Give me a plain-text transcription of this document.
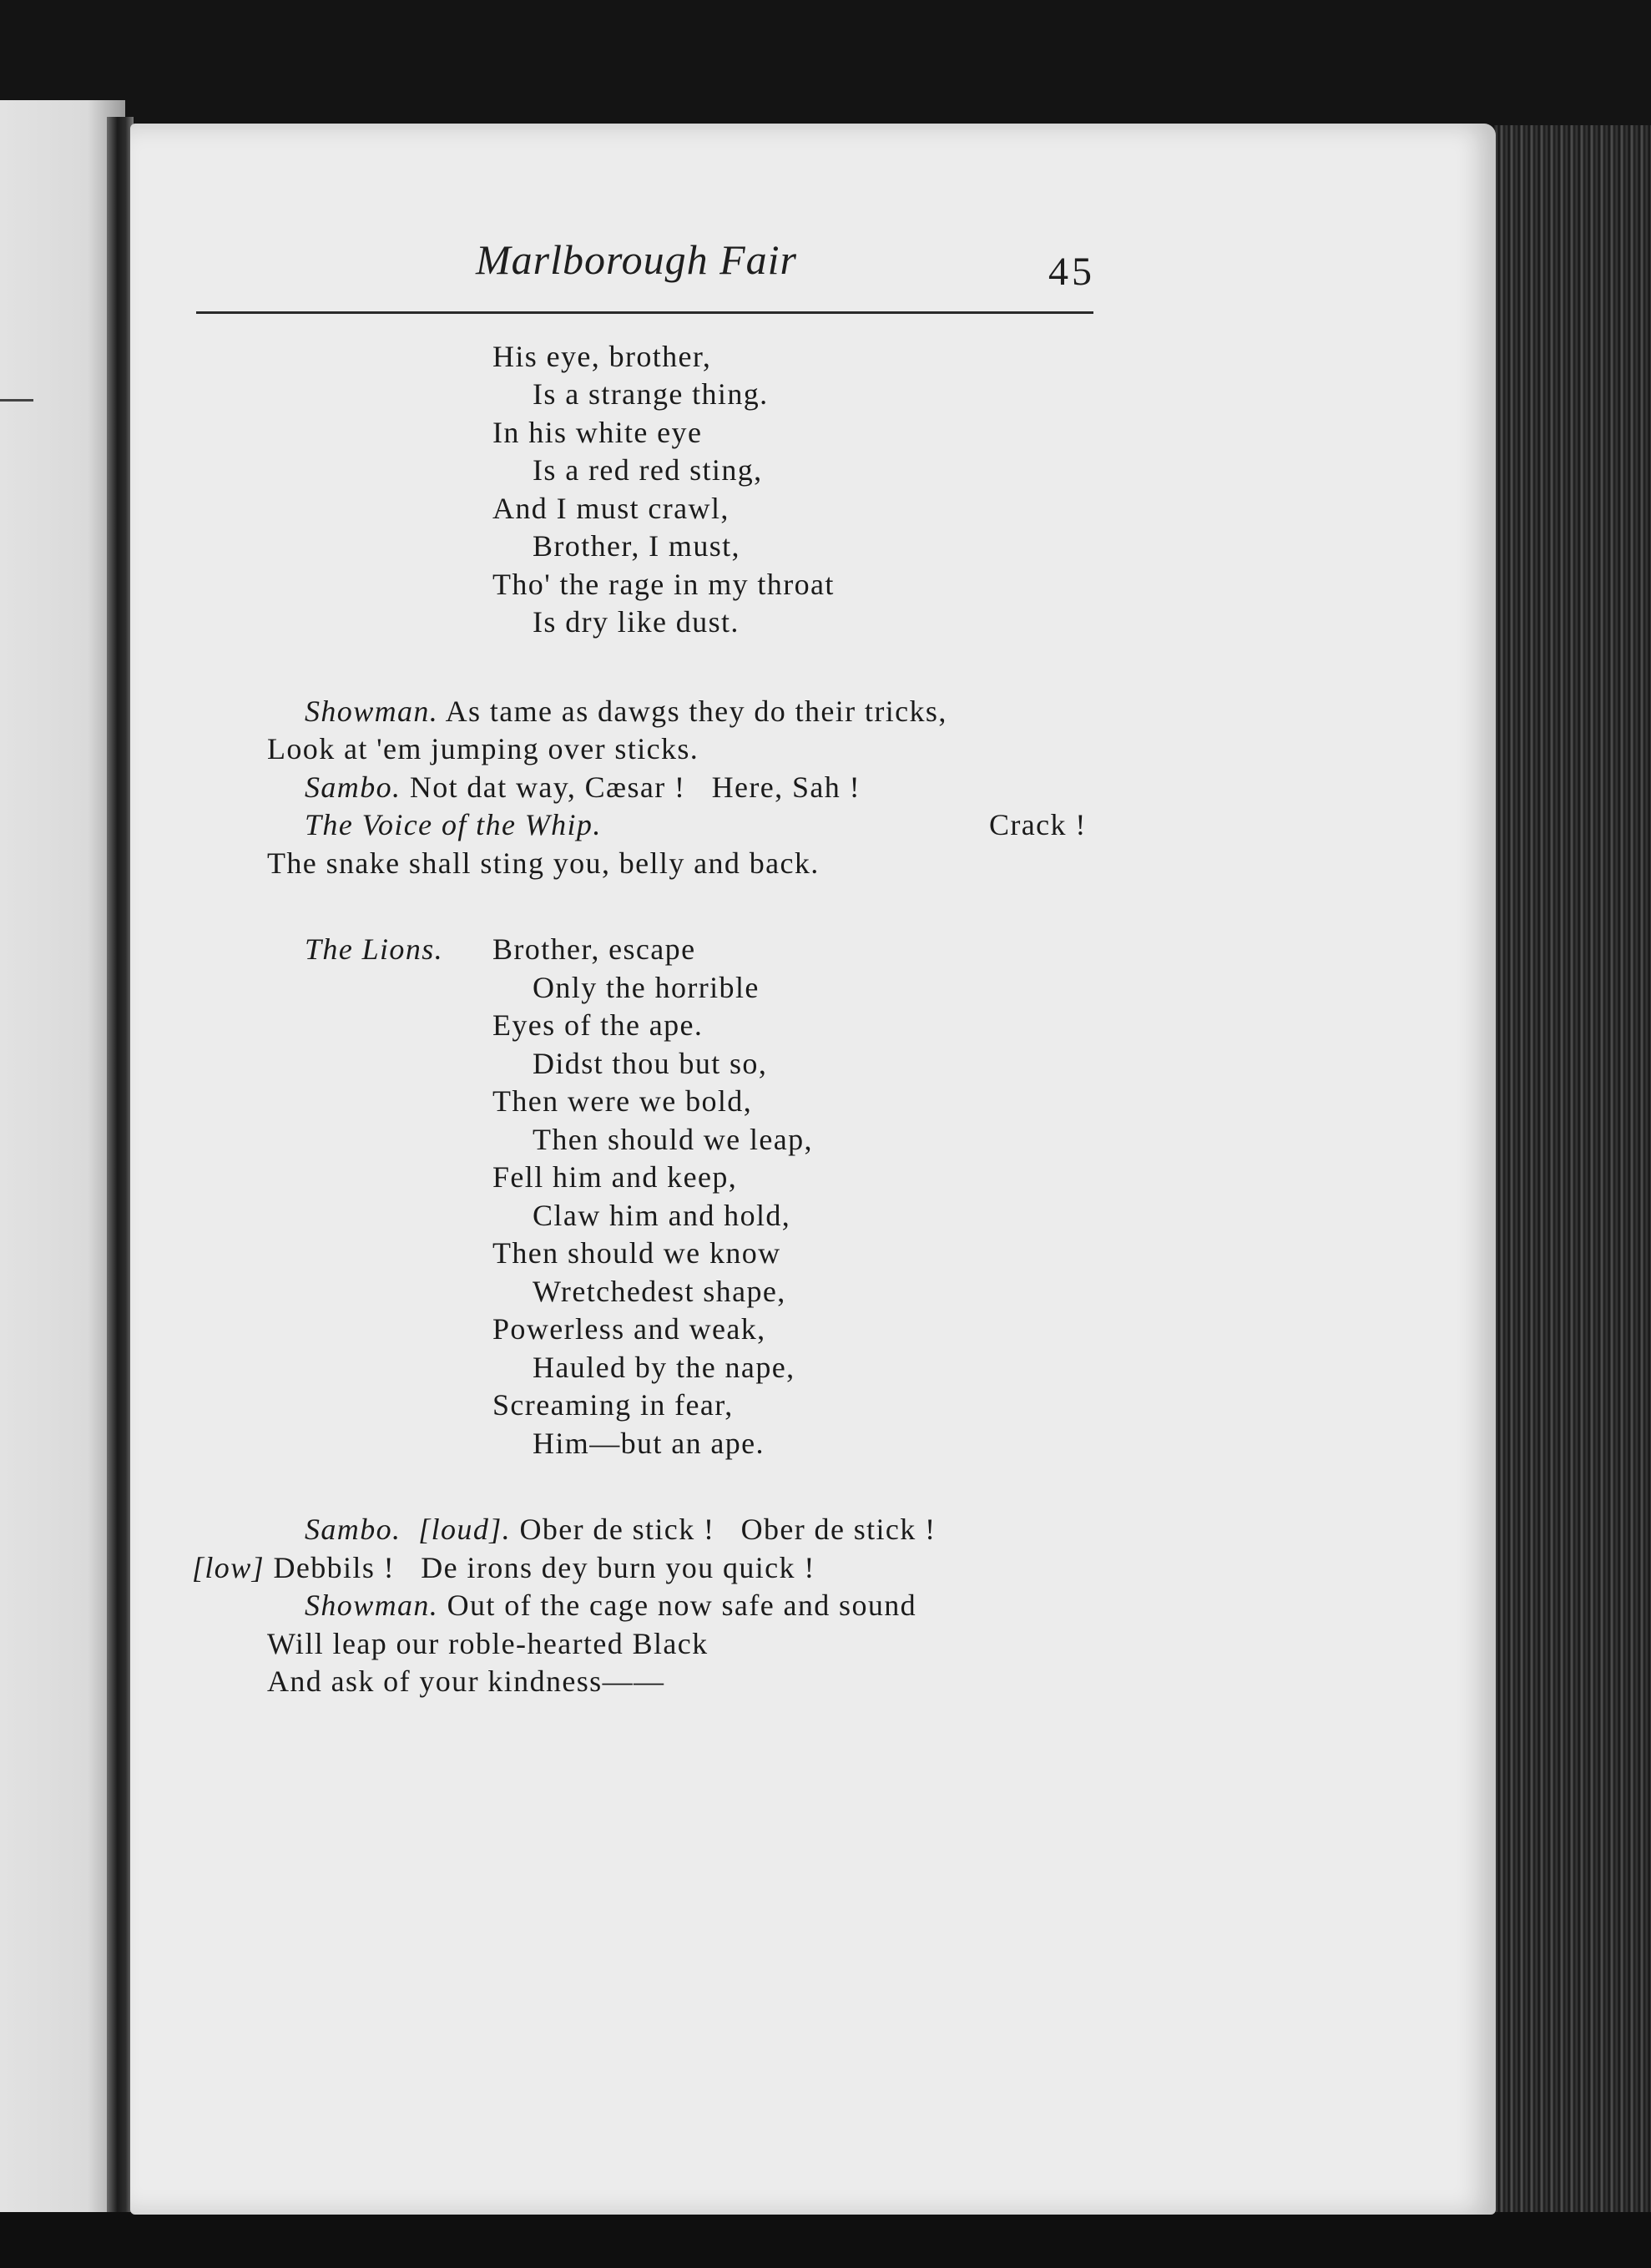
Marlborough Fair	45
His eye, brother,
Is a strange thing.
In his white eye
Is a red red sting,
And I must crawl,
Brother, I must,
Tho' the rage in my throat
Is dry like dust.
Showman. As tame as dawgs they do their tricks,
Look at 'em jumping over sticks.
Sambo. Not dat way, Cæsar !   Here, Sah !
The Voice of the Whip.	Crack !
The snake shall sting you, belly and back.
The Lions. Brother, escape
Only the horrible
Eyes of the ape.
Didst thou but so,
Then were we bold,
Then should we leap,
Fell him and keep,
Claw him and hold,
Then should we know
Wretchedest shape,
Powerless and weak,
Hauled by the nape,
Screaming in fear,
Him—but an ape.
Sambo. [loud]. Ober de stick !   Ober de stick !
[low] Debbils !   De irons dey burn you quick !
Showman. Out of the cage now safe and sound
Will leap our roble-hearted Black
And ask of your kindness——
